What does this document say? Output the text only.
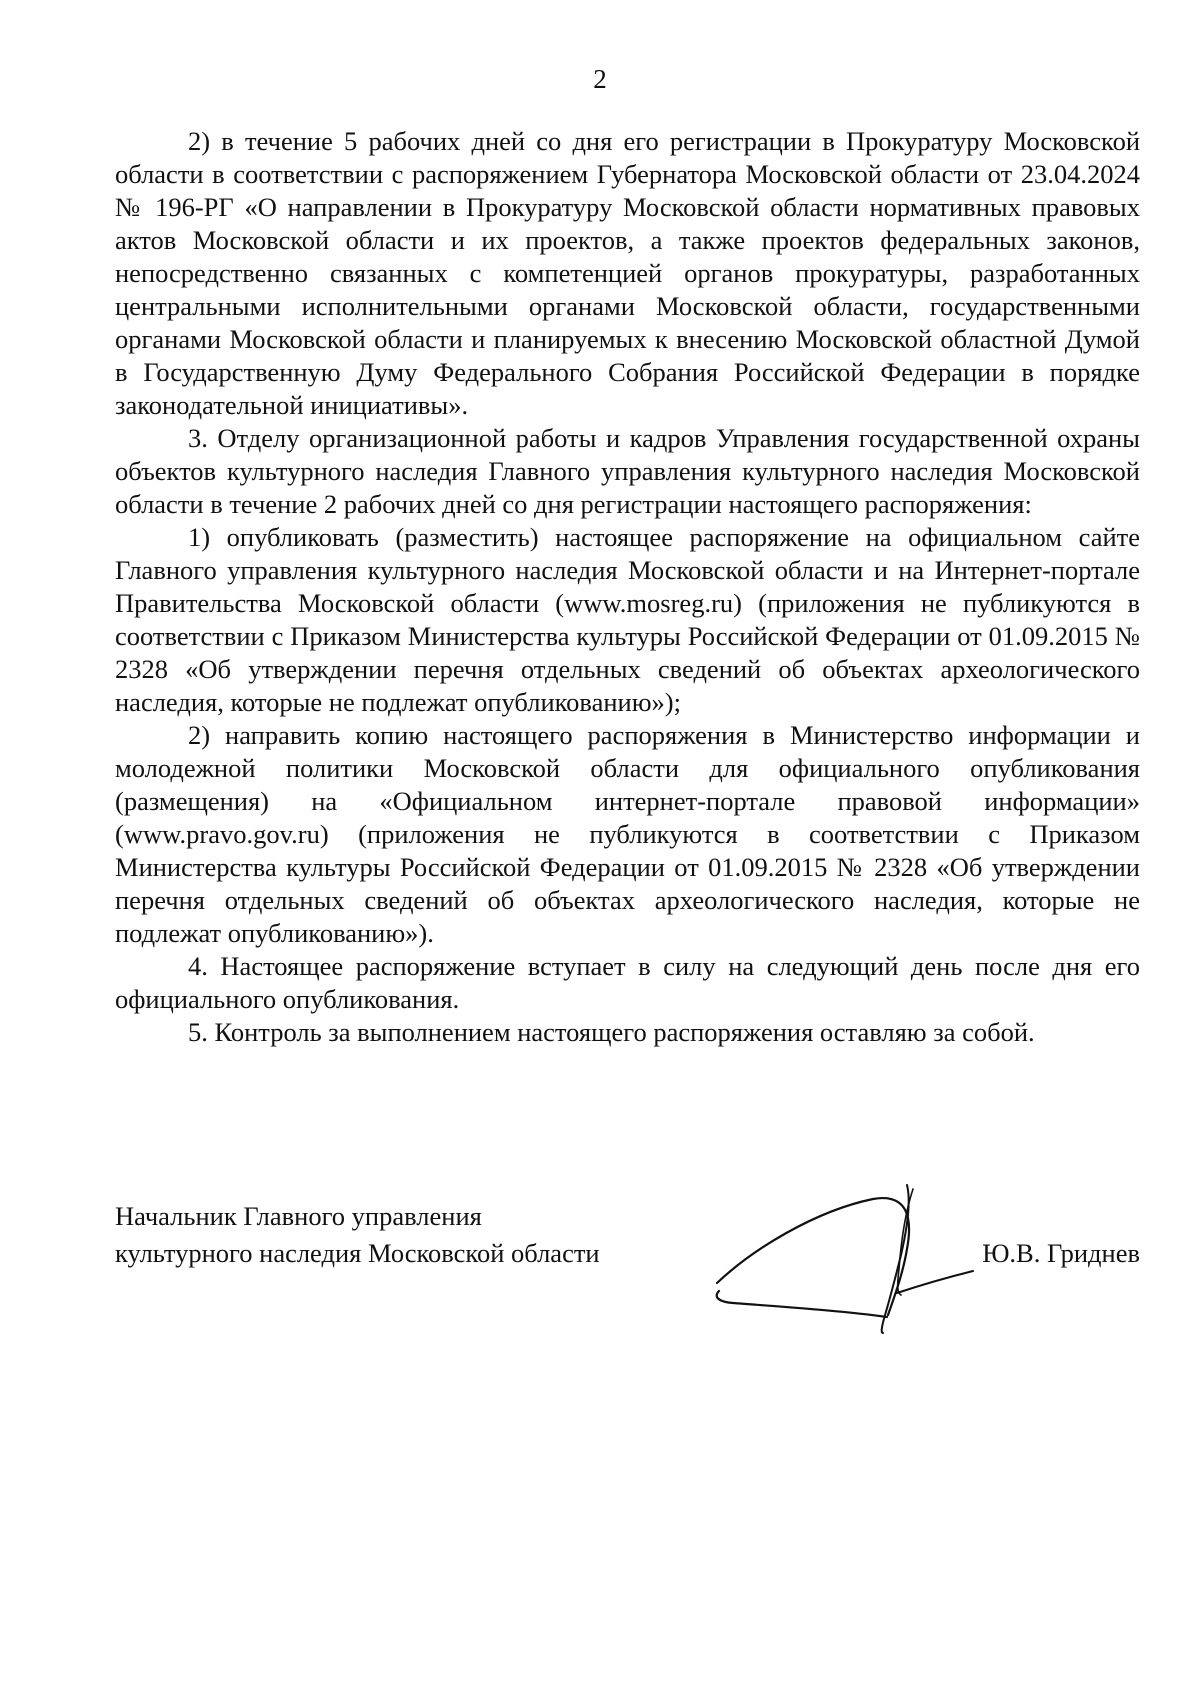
2

2) в течение 5 рабочих дней со дня его регистрации в Прокуратуру Московской области в соответствии с распоряжением Губернатора Московской области от 23.04.2024 № 196-РГ «О направлении в Прокуратуру Московской области нормативных правовых актов Московской области и их проектов, а также проектов федеральных законов, непосредственно связанных с компетенцией органов прокуратуры, разработанных центральными исполнительными органами Московской области, государственными органами Московской области и планируемых к внесению Московской областной Думой в Государственную Думу Федерального Собрания Российской Федерации в порядке законодательной инициативы».

3. Отделу организационной работы и кадров Управления государственной охраны объектов культурного наследия Главного управления культурного наследия Московской области в течение 2 рабочих дней со дня регистрации настоящего распоряжения:

1) опубликовать (разместить) настоящее распоряжение на официальном сайте Главного управления культурного наследия Московской области и на Интернет-портале Правительства Московской области (www.mosreg.ru) (приложения не публикуются в соответствии с Приказом Министерства культуры Российской Федерации от 01.09.2015 № 2328 «Об утверждении перечня отдельных сведений об объектах археологического наследия, которые не подлежат опубликованию»);

2) направить копию настоящего распоряжения в Министерство информации и молодежной политики Московской области для официального опубликования (размещения) на «Официальном интернет-портале правовой информации» (www.pravo.gov.ru) (приложения не публикуются в соответствии с Приказом Министерства культуры Российской Федерации от 01.09.2015 № 2328 «Об утверждении перечня отдельных сведений об объектах археологического наследия, которые не подлежат опубликованию»).

4. Настоящее распоряжение вступает в силу на следующий день после дня его официального опубликования.

5. Контроль за выполнением настоящего распоряжения оставляю за собой.

Начальник Главного управления
культурного наследия Московской области	Ю.В. Гриднев
